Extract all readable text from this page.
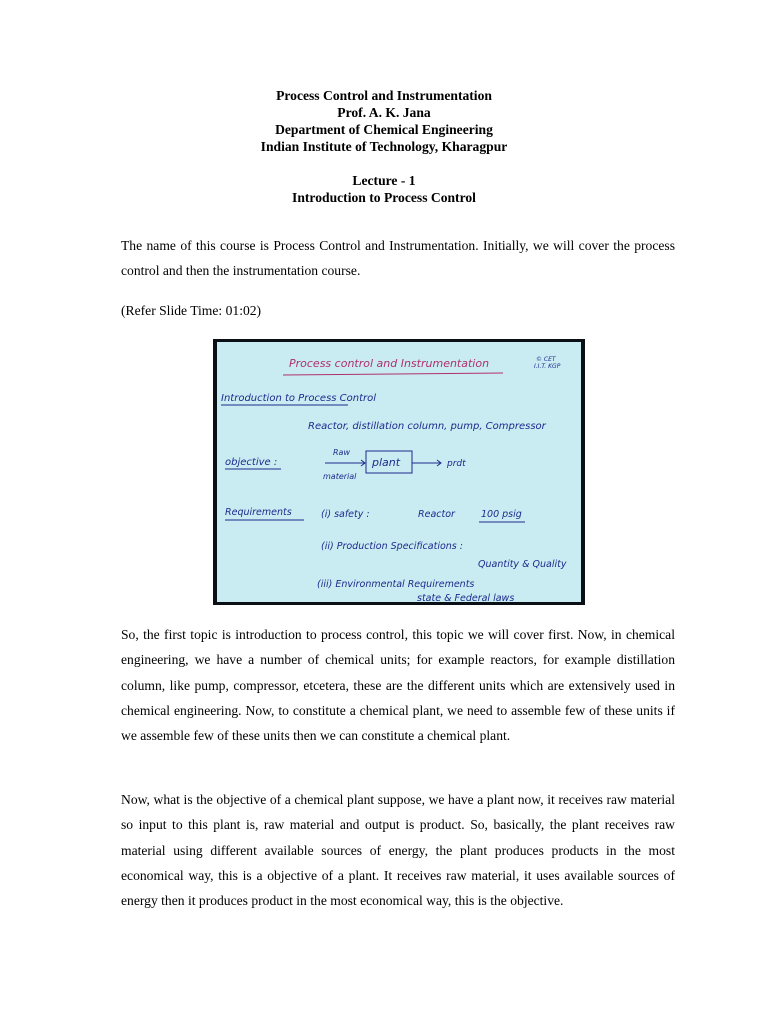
Process Control and Instrumentation
Prof. A. K. Jana
Department of Chemical Engineering
Indian Institute of Technology, Kharagpur
Lecture - 1
Introduction to Process Control

The name of this course is Process Control and Instrumentation. Initially, we will cover the process control and then the instrumentation course.

(Refer Slide Time: 01:02)

© CET
I.I.T. KGP
Process control and Instrumentation
Introduction to Process Control
Reactor, distillation column, pump, Compressor
objective :
Raw
material
plant	prdt
Requirements	(i) safety :	Reactor	100 psig
(ii) Production Specifications :
Quantity & Quality
(iii) Environmental Requirements
state & Federal laws

So, the first topic is introduction to process control, this topic we will cover first. Now, in chemical engineering, we have a number of chemical units; for example reactors, for example distillation column, like pump, compressor, etcetera, these are the different units which are extensively used in chemical engineering. Now, to constitute a chemical plant, we need to assemble few of these units if we assemble few of these units then we can constitute a chemical plant.

Now, what is the objective of a chemical plant suppose, we have a plant now, it receives raw material so input to this plant is, raw material and output is product. So, basically, the plant receives raw material using different available sources of energy, the plant produces products in the most economical way, this is a objective of a plant. It receives raw material, it uses available sources of energy then it produces product in the most economical way, this is the objective.
